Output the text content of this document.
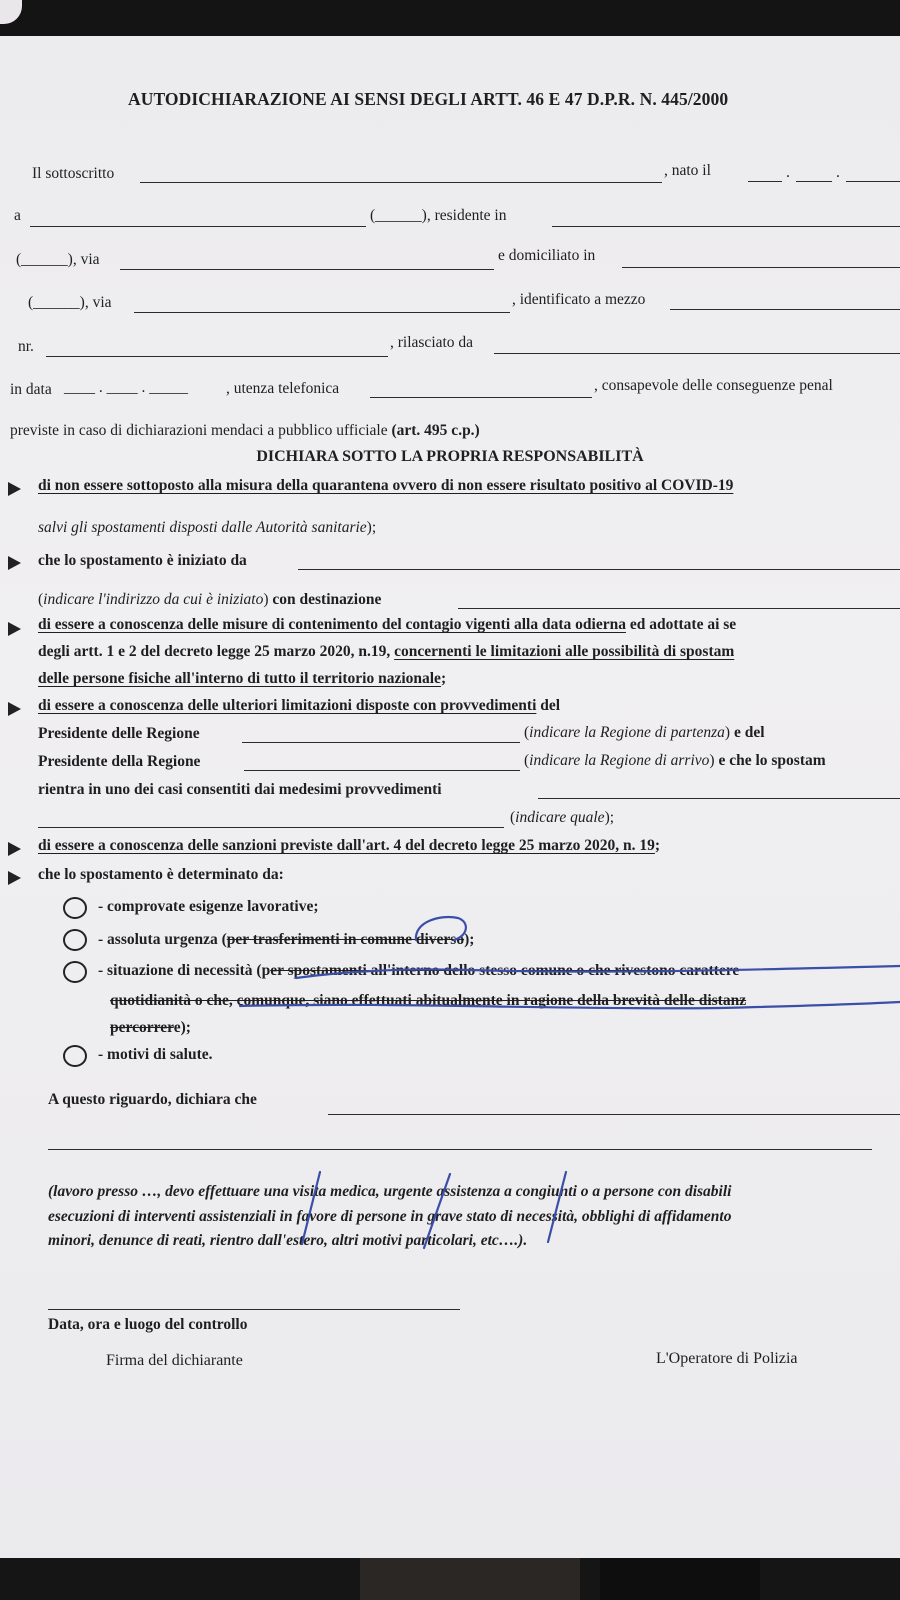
AUTODICHIARAZIONE AI SENSI DEGLI ARTT. 46 E 47 D.P.R. N. 445/2000
Il sottoscritto	, nato il	.	.
a	(______), residente in
(______), via	e domiciliato in
(______), via	, identificato a mezzo
nr.	, rilasciato da
in data ____ . ____ . _____ , utenza telefonica	, consapevole delle conseguenze penal
previste in caso di dichiarazioni mendaci a pubblico ufficiale (art. 495 c.p.)
DICHIARA SOTTO LA PROPRIA RESPONSABILITÀ
di non essere sottoposto alla misura della quarantena ovvero di non essere risultato positivo al COVID-19
salvi gli spostamenti disposti dalle Autorità sanitarie);
che lo spostamento è iniziato da
(indicare l'indirizzo da cui è iniziato) con destinazione
di essere a conoscenza delle misure di contenimento del contagio vigenti alla data odierna ed adottate ai se
degli artt. 1 e 2 del decreto legge 25 marzo 2020, n.19, concernenti le limitazioni alle possibilità di spostam
delle persone fisiche all'interno di tutto il territorio nazionale;
di essere a conoscenza delle ulteriori limitazioni disposte con provvedimenti del
Presidente delle Regione	(indicare la Regione di partenza) e del
Presidente della Regione	(indicare la Regione di arrivo) e che lo spostam
rientra in uno dei casi consentiti dai medesimi provvedimenti
(indicare quale);
di essere a conoscenza delle sanzioni previste dall'art. 4 del decreto legge 25 marzo 2020, n. 19;
che lo spostamento è determinato da:
- comprovate esigenze lavorative;
- assoluta urgenza (per trasferimenti in comune diverso);
- situazione di necessità (per spostamenti all'interno dello stesso comune o che rivestono carattere
quotidianità o che, comunque, siano effettuati abitualmente in ragione della brevità delle distanz
percorrere);
- motivi di salute.
A questo riguardo, dichiara che
(lavoro presso …, devo effettuare una visita medica, urgente assistenza a congiunti o a persone con disabili
esecuzioni di interventi assistenziali in favore di persone in grave stato di necessità, obblighi di affidamento
minori, denunce di reati, rientro dall'estero, altri motivi particolari, etc….).
Data, ora e luogo del controllo
Firma del dichiarante	L'Operatore di Polizia
